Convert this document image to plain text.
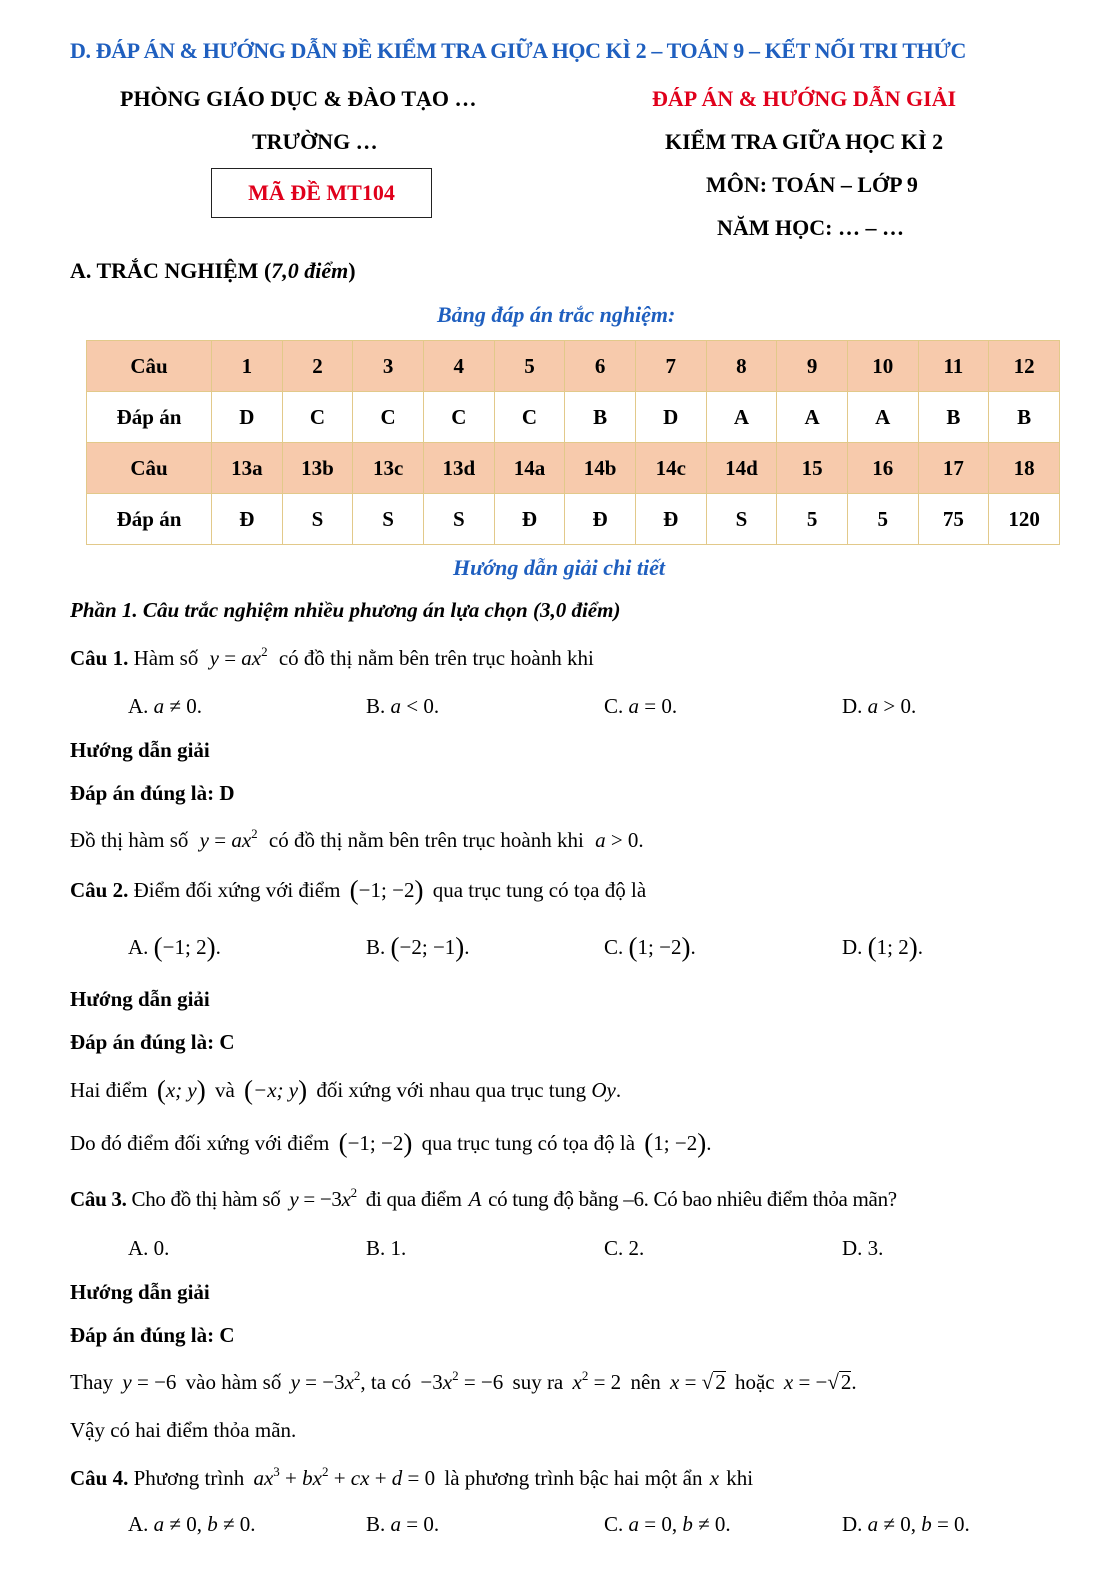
D. ĐÁP ÁN & HƯỚNG DẪN ĐỀ KIỂM TRA GIỮA HỌC KÌ 2 – TOÁN 9 – KẾT NỐI TRI THỨC
PHÒNG GIÁO DỤC & ĐÀO TẠO …	ĐÁP ÁN & HƯỚNG DẪN GIẢI
TRƯỜNG …	KIỂM TRA GIỮA HỌC KÌ 2
MÃ ĐỀ MT104	MÔN: TOÁN – LỚP 9
NĂM HỌC: … – …
A. TRẮC NGHIỆM (7,0 điểm)
Bảng đáp án trắc nghiệm:
Câu	1	2	3	4	5	6	7	8	9	10	11	12
Đáp án	D	C	C	C	C	B	D	A	A	A	B	B
Câu	13a	13b	13c	13d	14a	14b	14c	14d	15	16	17	18
Đáp án	Đ	S	S	S	Đ	Đ	Đ	S	5	5	75	120
Hướng dẫn giải chi tiết
Phần 1. Câu trắc nghiệm nhiều phương án lựa chọn (3,0 điểm)
Câu 1. Hàm số $y = ax^2$ có đồ thị nằm bên trên trục hoành khi
A. a ≠ 0.	B. a < 0.	C. a = 0.	D. a > 0.
Hướng dẫn giải
Đáp án đúng là: D
Đồ thị hàm số $y = ax^2$ có đồ thị nằm bên trên trục hoành khi a > 0.
Câu 2. Điểm đối xứng với điểm (−1; −2) qua trục tung có tọa độ là
A. (−1; 2).	B. (−2; −1).	C. (1; −2).	D. (1; 2).
Hướng dẫn giải
Đáp án đúng là: C
Hai điểm (x; y) và (−x; y) đối xứng với nhau qua trục tung Oy.
Do đó điểm đối xứng với điểm (−1; −2) qua trục tung có tọa độ là (1; −2).
Câu 3. Cho đồ thị hàm số $y = -3x^2$ đi qua điểm A có tung độ bằng –6. Có bao nhiêu điểm thỏa mãn?
A. 0.	B. 1.	C. 2.	D. 3.
Hướng dẫn giải
Đáp án đúng là: C
Thay y = −6 vào hàm số $y = -3x^2$, ta có $-3x^2 = -6$ suy ra $x^2 = 2$ nên x = √2 hoặc x = −√2.
Vậy có hai điểm thỏa mãn.
Câu 4. Phương trình $ax^3 + bx^2$ + cx + d = 0 là phương trình bậc hai một ẩn x khi
A. a ≠ 0, b ≠ 0.	B. a = 0.	C. a = 0, b ≠ 0.	D. a ≠ 0, b = 0.
